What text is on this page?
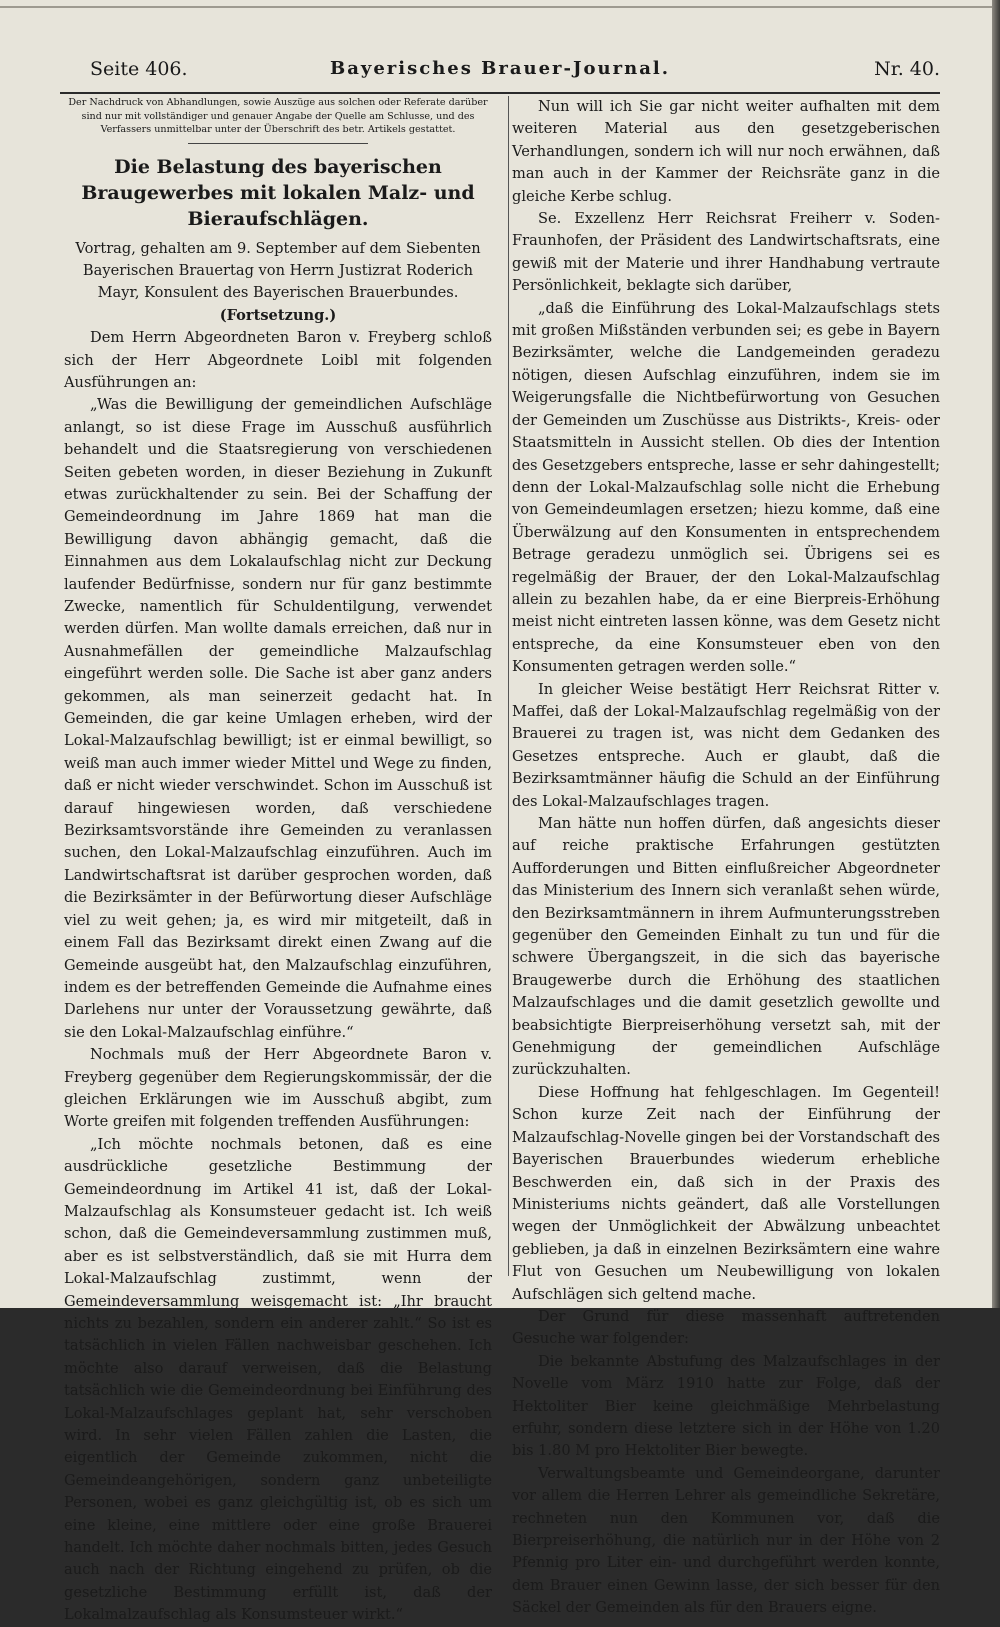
Seite 406.	Bayerisches Brauer-Journal.	Nr. 40.

Der Nachdruck von Abhandlungen, sowie Auszüge aus solchen oder Referate darüber sind nur mit vollständiger und genauer Angabe der Quelle am Schlusse, und des Verfassers unmittelbar unter der Überschrift des betr. Artikels gestattet.

Die Belastung des bayerischen Braugewerbes mit lokalen Malz- und Bieraufschlägen.

Vortrag, gehalten am 9. September auf dem Siebenten Bayerischen Brauertag von Herrn Justizrat Roderich Mayr, Konsulent des Bayerischen Brauerbundes.

(Fortsetzung.)

Dem Herrn Abgeordneten Baron v. Freyberg schloß sich der Herr Abgeordnete Loibl mit folgenden Ausführungen an:

„Was die Bewilligung der gemeindlichen Aufschläge anlangt, so ist diese Frage im Ausschuß ausführlich behandelt und die Staatsregierung von verschiedenen Seiten gebeten worden, in dieser Beziehung in Zukunft etwas zurückhaltender zu sein. Bei der Schaffung der Gemeindeordnung im Jahre 1869 hat man die Bewilligung davon abhängig gemacht, daß die Einnahmen aus dem Lokalaufschlag nicht zur Deckung laufender Bedürfnisse, sondern nur für ganz bestimmte Zwecke, namentlich für Schuldentilgung, verwendet werden dürfen. Man wollte damals erreichen, daß nur in Ausnahmefällen der gemeindliche Malzaufschlag eingeführt werden solle. Die Sache ist aber ganz anders gekommen, als man seinerzeit gedacht hat. In Gemeinden, die gar keine Umlagen erheben, wird der Lokal-Malzaufschlag bewilligt; ist er einmal bewilligt, so weiß man auch immer wieder Mittel und Wege zu finden, daß er nicht wieder verschwindet. Schon im Ausschuß ist darauf hingewiesen worden, daß verschiedene Bezirksamtsvorstände ihre Gemeinden zu veranlassen suchen, den Lokal-Malzaufschlag einzuführen. Auch im Landwirtschaftsrat ist darüber gesprochen worden, daß die Bezirksämter in der Befürwortung dieser Aufschläge viel zu weit gehen; ja, es wird mir mitgeteilt, daß in einem Fall das Bezirksamt direkt einen Zwang auf die Gemeinde ausgeübt hat, den Malzaufschlag einzuführen, indem es der betreffenden Gemeinde die Aufnahme eines Darlehens nur unter der Voraussetzung gewährte, daß sie den Lokal-Malzaufschlag einführe.“

Nochmals muß der Herr Abgeordnete Baron v. Freyberg gegenüber dem Regierungskommissär, der die gleichen Erklärungen wie im Ausschuß abgibt, zum Worte greifen mit folgenden treffenden Ausführungen:

„Ich möchte nochmals betonen, daß es eine ausdrückliche gesetzliche Bestimmung der Gemeindeordnung im Artikel 41 ist, daß der Lokal-Malzaufschlag als Konsumsteuer gedacht ist. Ich weiß schon, daß die Gemeindeversammlung zustimmen muß, aber es ist selbstverständlich, daß sie mit Hurra dem Lokal-Malzaufschlag zustimmt, wenn der Gemeindeversammlung weisgemacht ist: „Ihr braucht nichts zu bezahlen, sondern ein anderer zahlt.“ So ist es tatsächlich in vielen Fällen nachweisbar geschehen. Ich möchte also darauf verweisen, daß die Belastung tatsächlich wie die Gemeindeordnung bei Einführung des Lokal-Malzaufschlages geplant hat, sehr verschoben wird. In sehr vielen Fällen zahlen die Lasten, die eigentlich der Gemeinde zukommen, nicht die Gemeindeangehörigen, sondern ganz unbeteiligte Personen, wobei es ganz gleichgültig ist, ob es sich um eine kleine, eine mittlere oder eine große Brauerei handelt. Ich möchte daher nochmals bitten, jedes Gesuch auch nach der Richtung eingehend zu prüfen, ob die gesetzliche Bestimmung erfüllt ist, daß der Lokalmalzaufschlag als Konsumsteuer wirkt.“

Nun will ich Sie gar nicht weiter aufhalten mit dem weiteren Material aus den gesetzgeberischen Verhandlungen, sondern ich will nur noch erwähnen, daß man auch in der Kammer der Reichsräte ganz in die gleiche Kerbe schlug.

Se. Exzellenz Herr Reichsrat Freiherr v. Soden-Fraunhofen, der Präsident des Landwirtschaftsrats, eine gewiß mit der Materie und ihrer Handhabung vertraute Persönlichkeit, beklagte sich darüber,

„daß die Einführung des Lokal-Malzaufschlags stets mit großen Mißständen verbunden sei; es gebe in Bayern Bezirksämter, welche die Landgemeinden geradezu nötigen, diesen Aufschlag einzuführen, indem sie im Weigerungsfalle die Nichtbefürwortung von Gesuchen der Gemeinden um Zuschüsse aus Distrikts-, Kreis- oder Staatsmitteln in Aussicht stellen. Ob dies der Intention des Gesetzgebers entspreche, lasse er sehr dahingestellt; denn der Lokal-Malzaufschlag solle nicht die Erhebung von Gemeindeumlagen ersetzen; hiezu komme, daß eine Überwälzung auf den Konsumenten in entsprechendem Betrage geradezu unmöglich sei. Übrigens sei es regelmäßig der Brauer, der den Lokal-Malzaufschlag allein zu bezahlen habe, da er eine Bierpreis-Erhöhung meist nicht eintreten lassen könne, was dem Gesetz nicht entspreche, da eine Konsumsteuer eben von den Konsumenten getragen werden solle.“

In gleicher Weise bestätigt Herr Reichsrat Ritter v. Maffei, daß der Lokal-Malzaufschlag regelmäßig von der Brauerei zu tragen ist, was nicht dem Gedanken des Gesetzes entspreche. Auch er glaubt, daß die Bezirksamtmänner häufig die Schuld an der Einführung des Lokal-Malzaufschlages tragen.

Man hätte nun hoffen dürfen, daß angesichts dieser auf reiche praktische Erfahrungen gestützten Aufforderungen und Bitten einflußreicher Abgeordneter das Ministerium des Innern sich veranlaßt sehen würde, den Bezirksamtmännern in ihrem Aufmunterungsstreben gegenüber den Gemeinden Einhalt zu tun und für die schwere Übergangszeit, in die sich das bayerische Braugewerbe durch die Erhöhung des staatlichen Malzaufschlages und die damit gesetzlich gewollte und beabsichtigte Bierpreiserhöhung versetzt sah, mit der Genehmigung der gemeindlichen Aufschläge zurückzuhalten.

Diese Hoffnung hat fehlgeschlagen. Im Gegenteil! Schon kurze Zeit nach der Einführung der Malzaufschlag-Novelle gingen bei der Vorstandschaft des Bayerischen Brauerbundes wiederum erhebliche Beschwerden ein, daß sich in der Praxis des Ministeriums nichts geändert, daß alle Vorstellungen wegen der Unmöglichkeit der Abwälzung unbeachtet geblieben, ja daß in einzelnen Bezirksämtern eine wahre Flut von Gesuchen um Neubewilligung von lokalen Aufschlägen sich geltend mache.

Der Grund für diese massenhaft auftretenden Gesuche war folgender:

Die bekannte Abstufung des Malzaufschlages in der Novelle vom März 1910 hatte zur Folge, daß der Hektoliter Bier keine gleichmäßige Mehrbelastung erfuhr, sondern diese letztere sich in der Höhe von 1.20 bis 1.80 M pro Hektoliter Bier bewegte.

Verwaltungsbeamte und Gemeindeorgane, darunter vor allem die Herren Lehrer als gemeindliche Sekretäre, rechneten nun den Kommunen vor, daß die Bierpreiserhöhung, die natürlich nur in der Höhe von 2 Pfennig pro Liter ein- und durchgeführt werden konnte, dem Brauer einen Gewinn lasse, der sich besser für den Säckel der Gemeinden als für den Brauers eigne.
